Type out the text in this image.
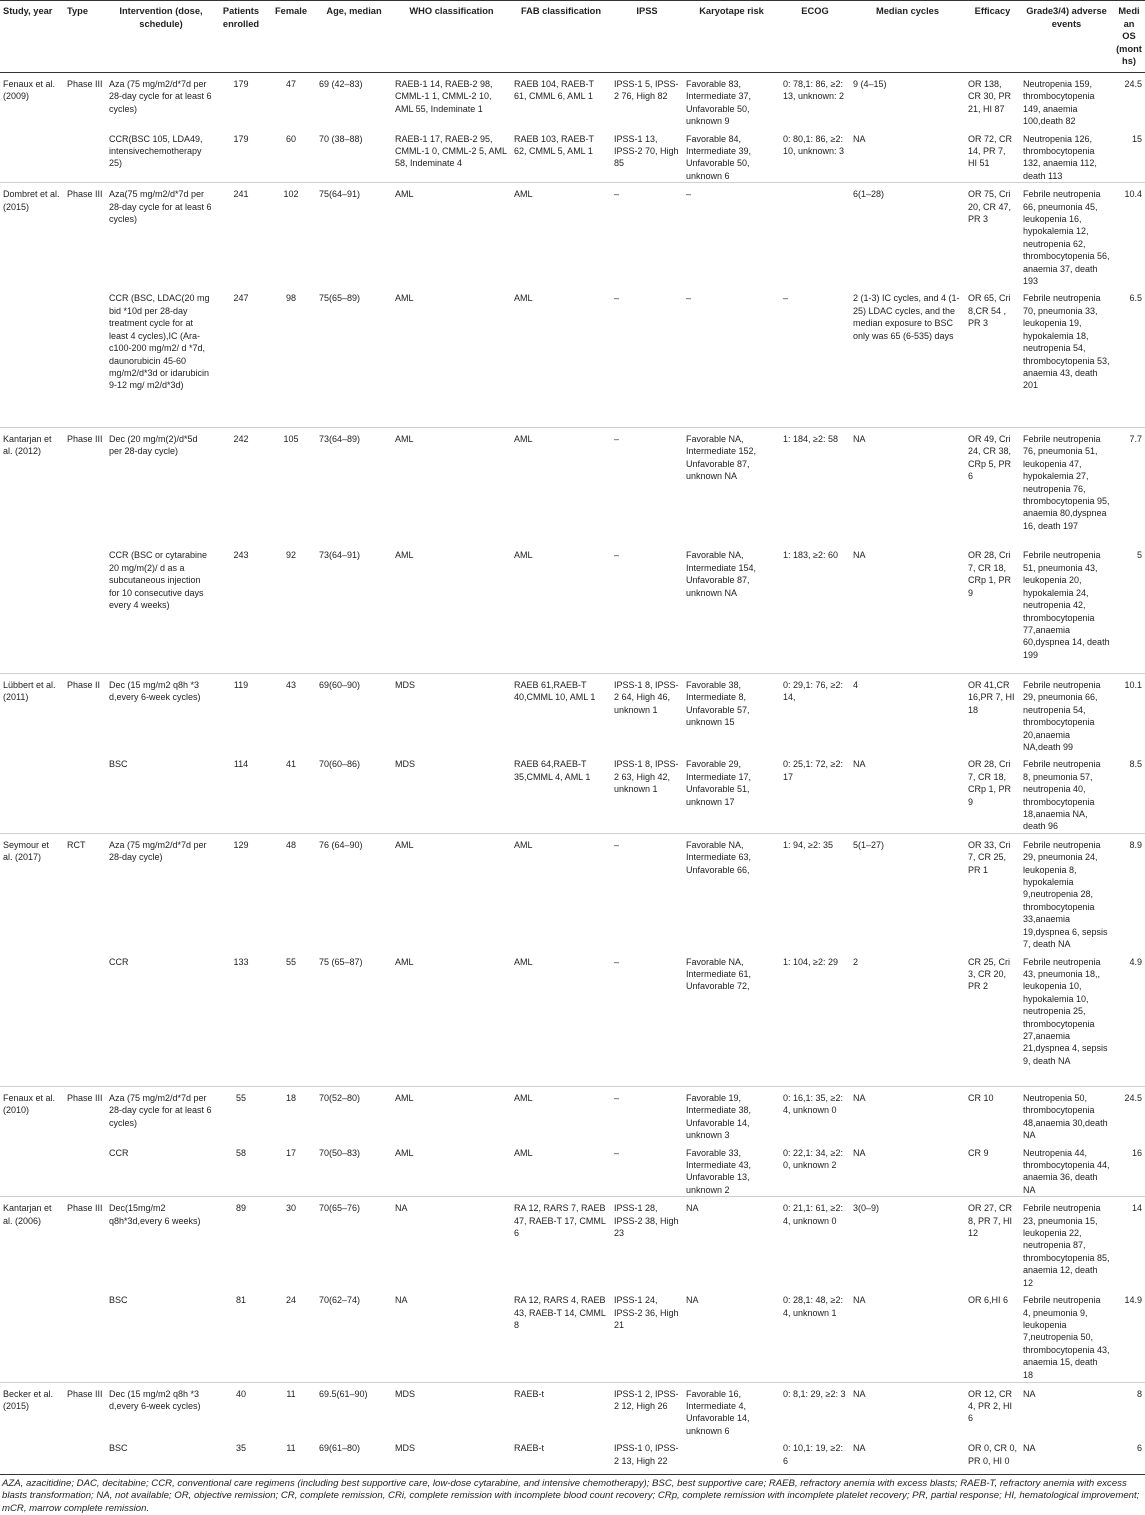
Study, year	Type	Intervention (dose, schedule)	Patients enrolled	Female	Age, median	WHO classification	FAB classification	IPSS	Karyotape risk	ECOG	Median cycles	Efficacy	Grade3/4) adverse events	Median OS (months)
Fenaux et al. (2009)	Phase III	Aza (75 mg/m2/d*7d per 28-day cycle for at least 6 cycles)	179	47	69 (42–83)	RAEB-1 14, RAEB-2 98, CMML-1 1, CMML-2 10, AML 55, Indeminate 1	RAEB 104, RAEB-T 61, CMML 6, AML 1	IPSS-1 5, IPSS-2 76, High 82	Favorable 83, Intermediate 37, Unfavorable 50, unknown 9	0: 78,1: 86, ≥2: 13, unknown: 2	9 (4–15)	OR 138, CR 30, PR 21, HI 87	Neutropenia 159, thrombocytopenia 149, anaemia 100,death 82	24.5
		CCR(BSC 105, LDA49, intensivechemotherapy 25)	179	60	70 (38–88)	RAEB-1 17, RAEB-2 95, CMML-1 0, CMML-2 5, AML 58, Indeminate 4	RAEB 103, RAEB-T 62, CMML 5, AML 1	IPSS-1 13, IPSS-2 70, High 85	Favorable 84, Intermediate 39, Unfavorable 50, unknown 6	0: 80,1: 86, ≥2: 10, unknown: 3	NA	OR 72, CR 14, PR 7, HI 51	Neutropenia 126, thrombocytopenia 132, anaemia 112, death 113	15
Dombret et al. (2015)	Phase III	Aza(75 mg/m2/d*7d per 28-day cycle for at least 6 cycles)	241	102	75(64–91)	AML	AML	–	–		6(1–28)	OR 75, Cri 20, CR 47, PR 3	Febrile neutropenia 66, pneumonia 45, leukopenia 16, hypokalemia 12, neutropenia 62, thrombocytopenia 56, anaemia 37, death 193	10.4
		CCR (BSC, LDAC(20 mg bid *10d per 28-day treatment cycle for at least 4 cycles),IC (Ara-c100-200 mg/m2/ d *7d, daunorubicin 45-60 mg/m2/d*3d or idarubicin 9-12 mg/ m2/d*3d)	247	98	75(65–89)	AML	AML	–	–	–	2 (1-3) IC cycles, and 4 (1-25) LDAC cycles, and the median exposure to BSC only was 65 (6-535) days	OR 65, Cri 8,CR 54 , PR 3	Febrile neutropenia 70, pneumonia 33, leukopenia 19, hypokalemia 18, neutropenia 54, thrombocytopenia 53, anaemia 43, death 201	6.5
Kantarjan et al. (2012)	Phase III	Dec (20 mg/m(2)/d*5d per 28-day cycle)	242	105	73(64–89)	AML	AML	–	Favorable NA, Intermediate 152, Unfavorable 87, unknown NA	1: 184, ≥2: 58	NA	OR 49, Cri 24, CR 38, CRp 5, PR 6	Febrile neutropenia 76, pneumonia 51, leukopenia 47, hypokalemia 27, neutropenia 76, thrombocytopenia 95, anaemia 80,dyspnea 16, death 197	7.7
		CCR (BSC or cytarabine 20 mg/m(2)/ d as a subcutaneous injection for 10 consecutive days every 4 weeks)	243	92	73(64–91)	AML	AML	–	Favorable NA, Intermediate 154, Unfavorable 87, unknown NA	1: 183, ≥2: 60	NA	OR 28, Cri 7, CR 18, CRp 1, PR 9	Febrile neutropenia 51, pneumonia 43, leukopenia 20, hypokalemia 24, neutropenia 42, thrombocytopenia 77,anaemia 60,dyspnea 14, death 199	5
Lübbert et al. (2011)	Phase II	Dec (15 mg/m2 q8h *3 d,every 6-week cycles)	119	43	69(60–90)	MDS	RAEB 61,RAEB-T 40,CMML 10, AML 1	IPSS-1 8, IPSS-2 64, High 46, unknown 1	Favorable 38, Intermediate 8, Unfavorable 57, unknown 15	0: 29,1: 76, ≥2: 14,	4	OR 41,CR 16,PR 7, HI 18	Febrile neutropenia 29, pneumonia 66, neutropenia 54, thrombocytopenia 20,anaemia NA,death 99	10.1
		BSC	114	41	70(60–86)	MDS	RAEB 64,RAEB-T 35,CMML 4, AML 1	IPSS-1 8, IPSS-2 63, High 42, unknown 1	Favorable 29, Intermediate 17, Unfavorable 51, unknown 17	0: 25,1: 72, ≥2: 17	NA	OR 28, Cri 7, CR 18, CRp 1, PR 9	Febrile neutropenia 8, pneumonia 57, neutropenia 40, thrombocytopenia 18,anaemia NA, death 96	8.5
Seymour et al. (2017)	RCT	Aza (75 mg/m2/d*7d per 28-day cycle)	129	48	76 (64–90)	AML	AML	–	Favorable NA, Intermediate 63, Unfavorable 66,	1: 94, ≥2: 35	5(1–27)	OR 33, Cri 7, CR 25, PR 1	Febrile neutropenia 29, pneumonia 24, leukopenia 8, hypokalemia 9,neutropenia 28, thrombocytopenia 33,anaemia 19,dyspnea 6, sepsis 7, death NA	8.9
		CCR	133	55	75 (65–87)	AML	AML	–	Favorable NA, Intermediate 61, Unfavorable 72,	1: 104, ≥2: 29	2	CR 25, Cri 3, CR 20, PR 2	Febrile neutropenia 43, pneumonia 18,, leukopenia 10, hypokalemia 10, neutropenia 25, thrombocytopenia 27,anaemia 21,dyspnea 4, sepsis 9, death NA	4.9
Fenaux et al. (2010)	Phase III	Aza (75 mg/m2/d*7d per 28-day cycle for at least 6 cycles)	55	18	70(52–80)	AML	AML	–	Favorable 19, Intermediate 38, Unfavorable 14, unknown 3	0: 16,1: 35, ≥2: 4, unknown 0	NA	CR 10	Neutropenia 50, thrombocytopenia 48,anaemia 30,death NA	24.5
		CCR	58	17	70(50–83)	AML	AML	–	Favorable 33, Intermediate 43, Unfavorable 13, unknown 2	0: 22,1: 34, ≥2: 0, unknown 2	NA	CR 9	Neutropenia 44, thrombocytopenia 44, anaemia 36, death NA	16
Kantarjan et al. (2006)	Phase III	Dec(15mg/m2 q8h*3d,every 6 weeks)	89	30	70(65–76)	NA	RA 12, RARS 7, RAEB 47, RAEB-T 17, CMML 6	IPSS-1 28, IPSS-2 38, High 23	NA	0: 21,1: 61, ≥2: 4, unknown 0	3(0–9)	OR 27, CR 8, PR 7, HI 12	Febrile neutropenia 23, pneumonia 15, leukopenia 22, neutropenia 87, thrombocytopenia 85, anaemia 12, death 12	14
		BSC	81	24	70(62–74)	NA	RA 12, RARS 4, RAEB 43, RAEB-T 14, CMML 8	IPSS-1 24, IPSS-2 36, High 21	NA	0: 28,1: 48, ≥2: 4, unknown 1	NA	OR 6,HI 6	Febrile neutropenia 4, pneumonia 9, leukopenia 7,neutropenia 50, thrombocytopenia 43, anaemia 15, death 18	14.9
Becker et al. (2015)	Phase III	Dec (15 mg/m2 q8h *3 d,every 6-week cycles)	40	11	69.5(61–90)	MDS	RAEB-t	IPSS-1 2, IPSS-2 12, High 26	Favorable 16, Intermediate 4, Unfavorable 14, unknown 6	0: 8,1: 29, ≥2: 3	NA	OR 12, CR 4, PR 2, HI 6	NA	8
		BSC	35	11	69(61–80)	MDS	RAEB-t	IPSS-1 0, IPSS-2 13, High 22		0: 10,1: 19, ≥2: 6	NA	OR 0, CR 0, PR 0, HI 0	NA	6

AZA, azacitidine; DAC, decitabine; CCR, conventional care regimens (including best supportive care, low-dose cytarabine, and intensive chemotherapy); BSC, best supportive care; RAEB, refractory anemia with excess blasts; RAEB-T, refractory anemia with excess blasts transformation; NA, not available; OR, objective remission; CR, complete remission, CRi, complete remission with incomplete blood count recovery; CRp, complete remission with incomplete platelet recovery; PR, partial response; HI, hematological improvement; mCR, marrow complete remission.
